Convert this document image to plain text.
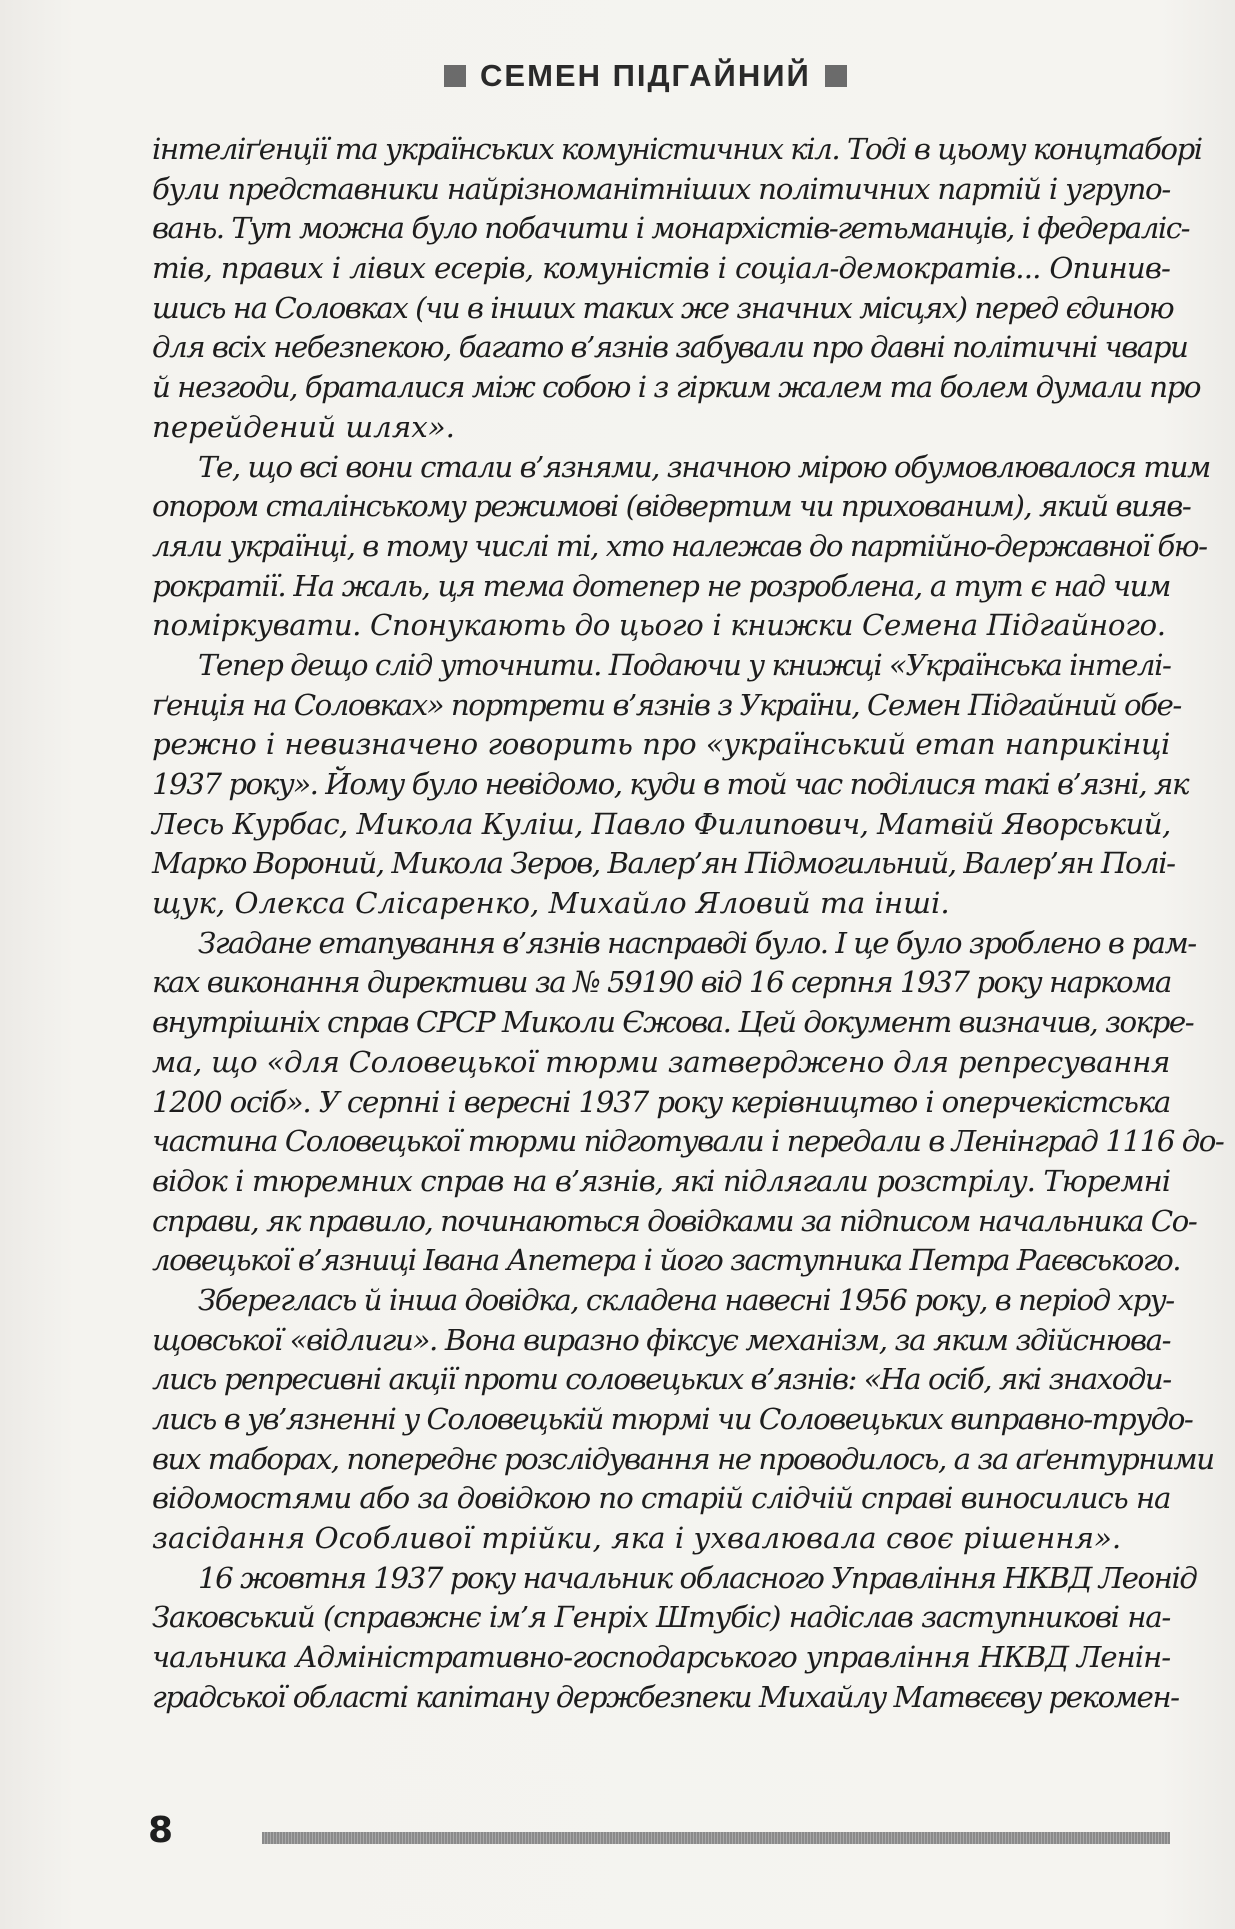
СЕМЕН ПІДГАЙНИЙ
інтеліґенції та українських комуністичних кіл. Тоді в цьому концтаборі
були представники найрізноманітніших політичних партій і угрупо-
вань. Тут можна було побачити і монархістів-гетьманців, і федераліс-
тів, правих і лівих есерів, комуністів і соціал-демократів... Опинив-
шись на Соловках (чи в інших таких же значних місцях) перед єдиною
для всіх небезпекою, багато в’язнів забували про давні політичні чвари
й незгоди, браталися між собою і з гірким жалем та болем думали про
перейдений шлях».
Те, що всі вони стали в’язнями, значною мірою обумовлювалося тим
опором сталінському режимові (відвертим чи прихованим), який вияв-
ляли українці, в тому числі ті, хто належав до партійно-державної бю-
рократії. На жаль, ця тема дотепер не розроблена, а тут є над чим
поміркувати. Спонукають до цього і книжки Семена Підгайного.
Тепер дещо слід уточнити. Подаючи у книжці «Українська інтелі-
ґенція на Соловках» портрети в’язнів з України, Семен Підгайний обе-
режно і невизначено говорить про «український етап наприкінці
1937 року». Йому було невідомо, куди в той час поділися такі в’язні, як
Лесь Курбас, Микола Куліш, Павло Филипович, Матвій Яворський,
Марко Вороний, Микола Зеров, Валер’ян Підмогильний, Валер’ян Полі-
щук, Олекса Слісаренко, Михайло Яловий та інші.
Згадане етапування в’язнів насправді було. І це було зроблено в рам-
ках виконання директиви за № 59190 від 16 серпня 1937 року наркома
внутрішніх справ СРСР Миколи Єжова. Цей документ визначив, зокре-
ма, що «для Соловецької тюрми затверджено для репресування
1200 осіб». У серпні і вересні 1937 року керівництво і оперчекістська
частина Соловецької тюрми підготували і передали в Ленінград 1116 до-
відок і тюремних справ на в’язнів, які підлягали розстрілу. Тюремні
справи, як правило, починаються довідками за підписом начальника Со-
ловецької в’язниці Івана Апетера і його заступника Петра Раєвського.
Збереглась й інша довідка, складена навесні 1956 року, в період хру-
щовської «відлиги». Вона виразно фіксує механізм, за яким здійснюва-
лись репресивні акції проти соловецьких в’язнів: «На осіб, які знаходи-
лись в ув’язненні у Соловецькій тюрмі чи Соловецьких виправно-трудо-
вих таборах, попереднє розслідування не проводилось, а за аґентурними
відомостями або за довідкою по старій слідчій справі виносились на
засідання Особливої трійки, яка і ухвалювала своє рішення».
16 жовтня 1937 року начальник обласного Управління НКВД Леонід
Заковський (справжнє ім’я Генріх Штубіс) надіслав заступникові на-
чальника Адміністративно-господарського управління НКВД Ленін-
градської області капітану держбезпеки Михайлу Матвєєву рекомен-
8
